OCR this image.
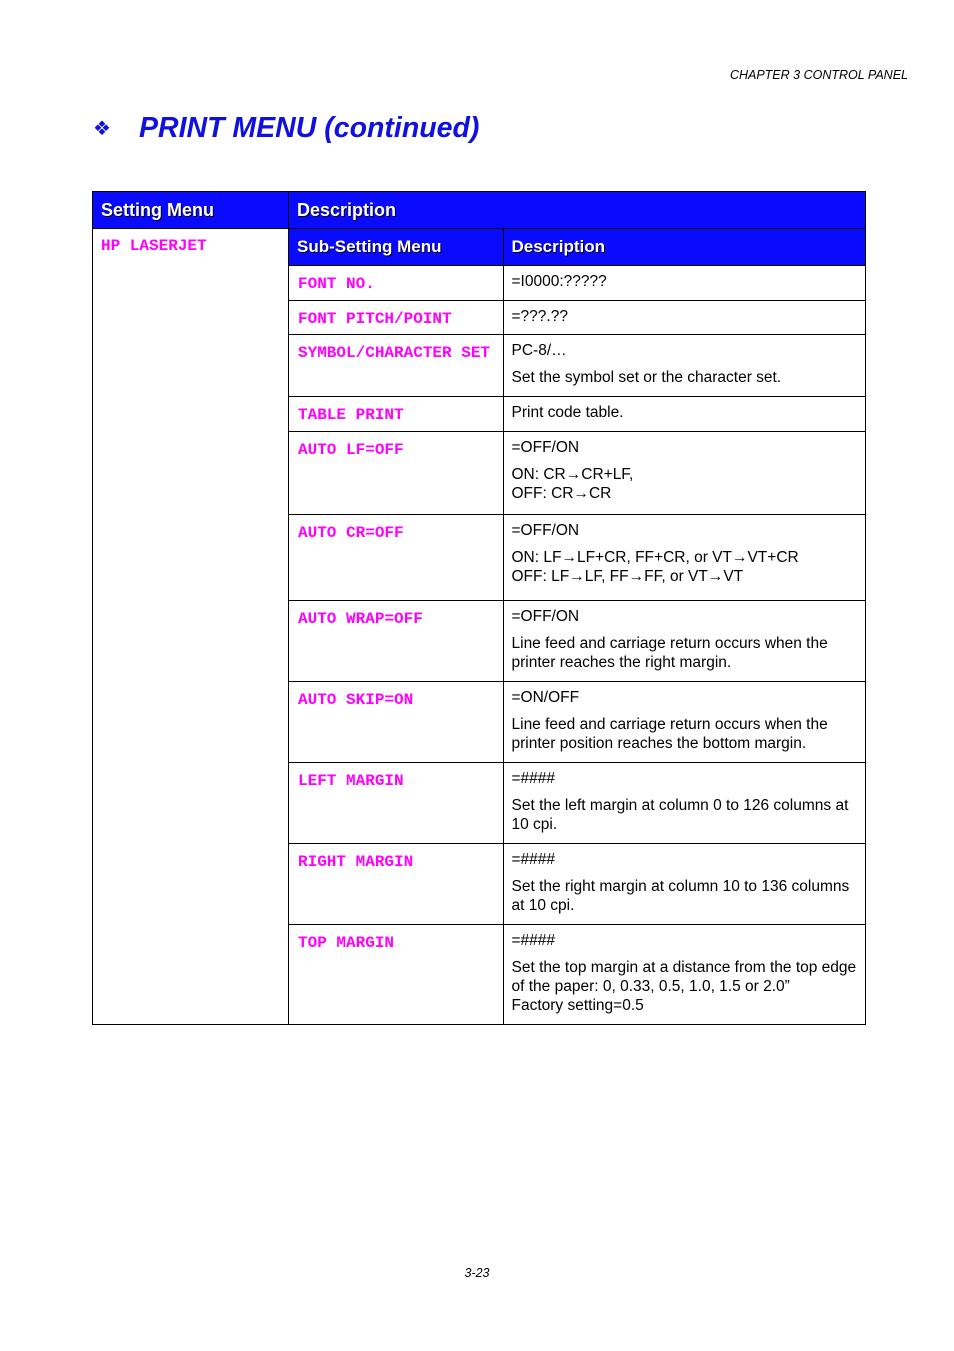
CHAPTER 3 CONTROL PANEL
❖ PRINT MENU (continued)
Setting Menu	Description
HP LASERJET		Sub-Setting Menu	Description
FONT NO.	=I0000:?????

FONT PITCH/POINT	=???.??

SYMBOL/CHARACTER SET	PC-8/…
Set the symbol set or the character set.

TABLE PRINT	Print code table.

AUTO LF=OFF	=OFF/ON
ON: CR→CR+LF,
OFF: CR→CR

AUTO CR=OFF	=OFF/ON
ON: LF→LF+CR, FF+CR, or VT→VT+CR
OFF: LF→LF, FF→FF, or VT→VT

AUTO WRAP=OFF	=OFF/ON
Line feed and carriage return occurs when the printer reaches the right margin.

AUTO SKIP=ON	=ON/OFF
Line feed and carriage return occurs when the printer position reaches the bottom margin.

LEFT MARGIN	=####
Set the left margin at column 0 to 126 columns at 10 cpi.

RIGHT MARGIN	=####
Set the right margin at column 10 to 136 columns at 10 cpi.

TOP MARGIN	=####
Set the top margin at a distance from the top edge of the paper: 0, 0.33, 0.5, 1.0, 1.5 or 2.0”
Factory setting=0.5
3-23
